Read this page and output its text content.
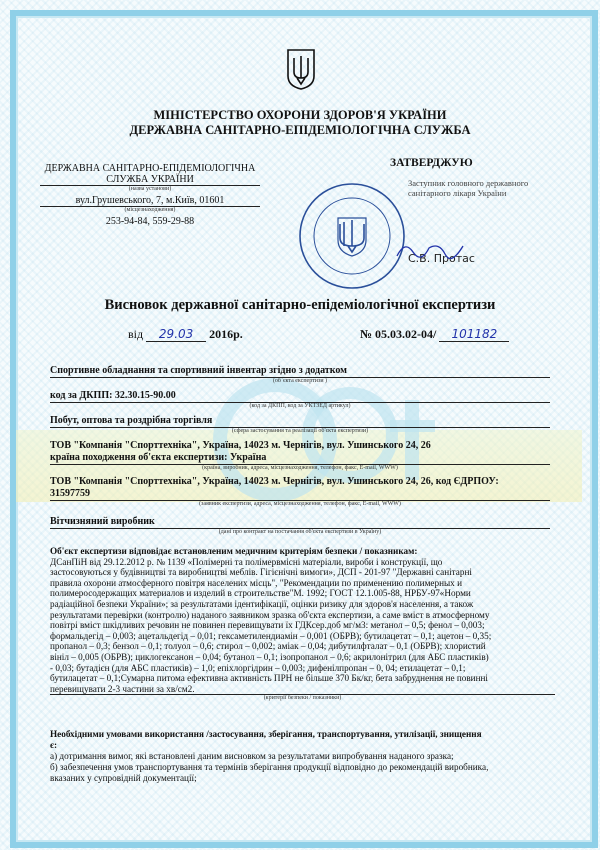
МІНІСТЕРСТВО ОХОРОНИ ЗДОРОВ'Я УКРАЇНИ
ДЕРЖАВНА САНІТАРНО-ЕПІДЕМІОЛОГІЧНА СЛУЖБА
ДЕРЖАВНА САНІТАРНО-ЕПІДЕМІОЛОГІЧНА
СЛУЖБА УКРАЇНИ
(назва установи)
вул.Грушевського, 7, м.Київ, 01601
(місцезнаходження)
253-94-84, 559-29-88
ЗАТВЕРДЖУЮ
Заступник головного державного
санітарного лікаря України
С.В. Протас
Висновок державної санітарно-епідеміологічної експертизи
від 29.03 2016р.	№ 05.03.02-04/ 101182
Спортивне обладнання та спортивний інвентар згідно з додатком
(об`єкта експертизи )
код за ДКПП: 32.30.15-90.00
(код за ДКПП, код за УКТЗЕД артикул)
Побут, оптова та роздрібна торгівля
(сфера застосування та реалізації об'єкта експертизи)
ТОВ "Компанія "Спорттехніка", Україна, 14023 м. Чернігів, вул. Ушинського 24, 26
країна походження об'єкта експертизи: Україна
(країна, виробник, адреса, місцезнаходження, телефон, факс, E-mail, WWW)
ТОВ "Компанія "Спорттехніка", Україна, 14023 м. Чернігів, вул. Ушинського 24, 26, код ЄДРПОУ:
31597759
(заявник експертизи, адреса, місцезнаходження, телефон, факс, E-mail, WWW)
Вітчизняний виробник
(дані про контракт на постачання об'єкта експертизи в Україну)
Об'єкт експертизи відповідає встановленим медичним критеріям безпеки / показникам:
ДСанПіН від 29.12.2012 р. № 1139 «Полімерні та полімервмісні матеріали, вироби і конструкції, що
застосовуються у будівництві та виробництві меблів. Гігієнічні вимоги», ДСП - 201-97 "Державні санітарні
правила охорони атмосферного повітря населених місць", "Рекомендации по применению полимерных и
полимеросодержащих материалов и изделий в строительстве"М. 1992; ГОСТ 12.1.005-88, НРБУ-97«Норми
радіаційної безпеки України»; за результатами ідентифікації, оцінки ризику для здоров'я населення, а також
результатами перевірки (контролю) наданого заявником зразка об'єкта експертизи, а саме вміст в атмосферному
повітрі вміст шкідливих речовин не повинен перевищувати їх ГДКсер.доб мг/м3: метанол – 0,5; фенол – 0,003;
формальдегід – 0,003; ацетальдегід – 0,01; гексаметилендиамін – 0,001 (ОБРВ); бутилацетат – 0,1; ацетон – 0,35;
пропанол – 0,3; бензол – 0,1; толуол – 0,6; стирол – 0,002; аміак – 0,04; дибутилфталат – 0,1 (ОБРВ); хлористий
вініл – 0,005 (ОБРВ); циклогексанон – 0,04; бутанол – 0,1; ізопропанол – 0,6; акрилонітрил (для АБС пластиків)
- 0,03; бутадієн (для АБС пластиків) – 1,0; епіхлоргідрин – 0,003; дифенілпропан – 0, 04; етилацетат – 0,1;
бутилацетат – 0,1;Сумарна питома ефективна активність ПРН не більше 370 Бк/кг, бета забруднення не повинні
перевищувати 2-3 частини за хв/см2.
(критерії безпеки / показники)
Необхідними умовами використання /застосування, зберігання, транспортування, утилізації, знищення
є:
а) дотримання вимог, які встановлені даним висновком за результатами випробування наданого зразка;
б) забезпечення умов транспортування та термінів зберігання продукції відповідно до рекомендацій виробника,
вказаних у супровідній документації;
